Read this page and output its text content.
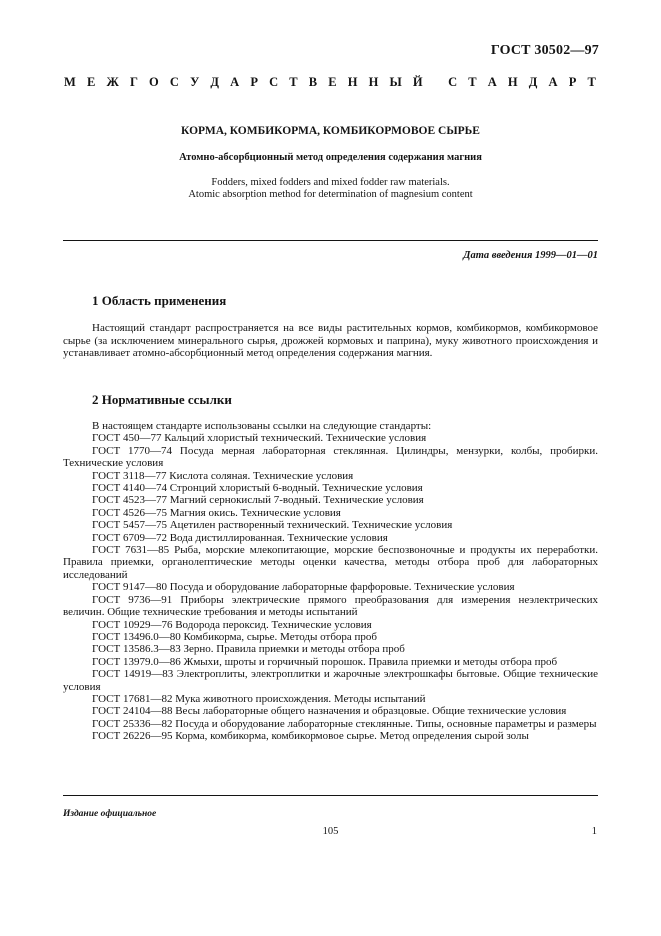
ГОСТ 30502—97
М Е Ж Г О С У Д А Р С Т В Е Н Н Ы Й
С Т А Н Д А Р Т
КОРМА, КОМБИКОРМА, КОМБИКОРМОВОЕ СЫРЬЕ
Атомно-абсорбционный метод определения содержания магния
Fodders, mixed fodders and mixed fodder raw materials.
Atomic absorption method for determination of magnesium content
Дата введения 1999—01—01
1 Область применения

Настоящий стандарт распространяется на все виды растительных кормов, комбикормов, комбикормовое сырье (за исключением минерального сырья, дрожжей кормовых и паприна), муку животного происхождения и устанавливает атомно-абсорбционный метод определения содержания магния.

2 Нормативные ссылки

В настоящем стандарте использованы ссылки на следующие стандарты:

ГОСТ 450—77 Кальций хлористый технический. Технические условия

ГОСТ 1770—74 Посуда мерная лабораторная стеклянная. Цилиндры, мензурки, колбы, пробирки. Технические условия

ГОСТ 3118—77 Кислота соляная. Технические условия

ГОСТ 4140—74 Стронций хлористый 6-водный. Технические условия

ГОСТ 4523—77 Магний сернокислый 7-водный. Технические условия

ГОСТ 4526—75 Магния окись. Технические условия

ГОСТ 5457—75 Ацетилен растворенный технический. Технические условия

ГОСТ 6709—72 Вода дистиллированная. Технические условия

ГОСТ 7631—85 Рыба, морские млекопитающие, морские беспозвоночные и продукты их переработки. Правила приемки, органолептические методы оценки качества, методы отбора проб для лабораторных исследований

ГОСТ 9147—80 Посуда и оборудование лабораторные фарфоровые. Технические условия

ГОСТ 9736—91 Приборы электрические прямого преобразования для измерения неэлектрических величин. Общие технические требования и методы испытаний

ГОСТ 10929—76 Водорода пероксид. Технические условия

ГОСТ 13496.0—80 Комбикорма, сырье. Методы отбора проб

ГОСТ 13586.3—83 Зерно. Правила приемки и методы отбора проб

ГОСТ 13979.0—86 Жмыхи, шроты и горчичный порошок. Правила приемки и методы отбора проб

ГОСТ 14919—83 Электроплиты, электроплитки и жарочные электрошкафы бытовые. Общие технические условия

ГОСТ 17681—82 Мука животного происхождения. Методы испытаний

ГОСТ 24104—88 Весы лабораторные общего назначения и образцовые. Общие технические условия

ГОСТ 25336—82 Посуда и оборудование лабораторные стеклянные. Типы, основные параметры и размеры

ГОСТ 26226—95 Корма, комбикорма, комбикормовое сырье. Метод определения сырой золы

Издание официальное
105	1
